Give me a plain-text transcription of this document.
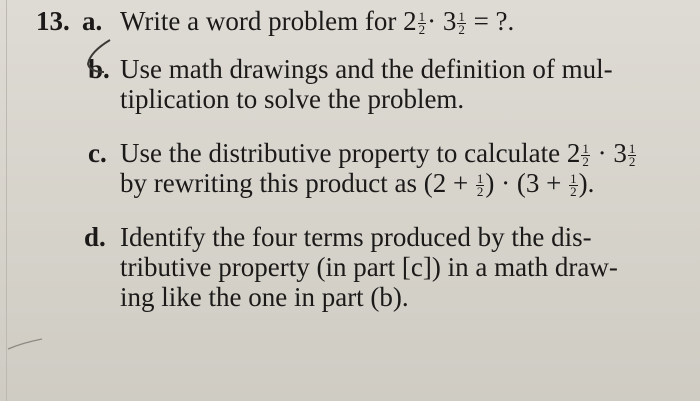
13. a. Write a word problem for $2 \frac{1}{2} \cdot 3 \frac{1}{2}$ = ?.
b. Use math drawings and the definition of mul-
tiplication to solve the problem.
c. Use the distributive property to calculate $2 \frac{1}{2} \cdot 3 \frac{1}{2}$
by rewriting this product as ($2 + \frac{1}{2}$ ) · ($3 + \frac{1}{2}$ ).
d. Identify the four terms produced by the dis-
tributive property (in part [c]) in a math draw-
ing like the one in part (b).
